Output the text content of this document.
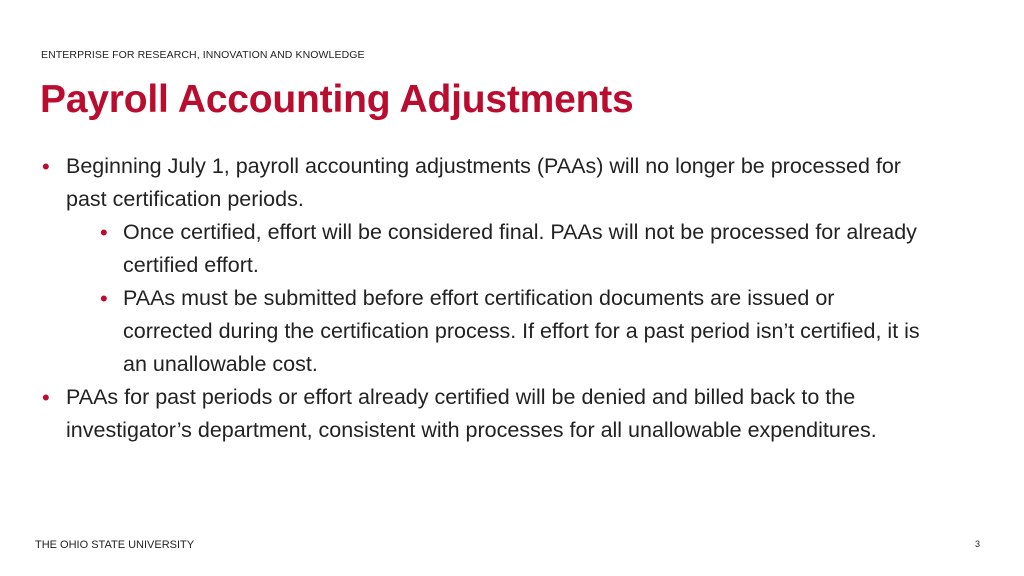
ENTERPRISE FOR RESEARCH, INNOVATION AND KNOWLEDGE
Payroll Accounting Adjustments

• Beginning July 1, payroll accounting adjustments (PAAs) will no longer be processed for past certification periods.

• Once certified, effort will be considered final. PAAs will not be processed for already certified effort.

• PAAs must be submitted before effort certification documents are issued or corrected during the certification process. If effort for a past period isn’t certified, it is an unallowable cost.

• PAAs for past periods or effort already certified will be denied and billed back to the investigator’s department, consistent with processes for all unallowable expenditures.

THE OHIO STATE UNIVERSITY	3
